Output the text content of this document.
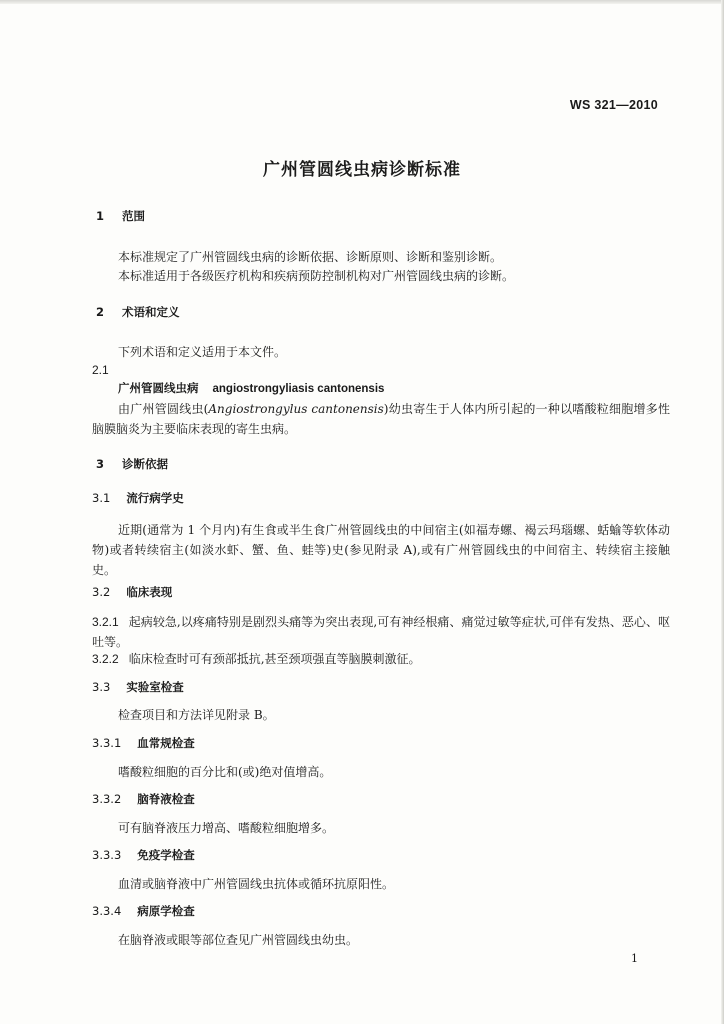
WS 321—2010
广州管圆线虫病诊断标准
1 范围
本标准规定了广州管圆线虫病的诊断依据、诊断原则、诊断和鉴别诊断。
本标准适用于各级医疗机构和疾病预防控制机构对广州管圆线虫病的诊断。
2 术语和定义
下列术语和定义适用于本文件。
2.1
广州管圆线虫病 angiostrongyliasis cantonensis
由广州管圆线虫(Angiostrongylus cantonensis)幼虫寄生于人体内所引起的一种以嗜酸粒细胞增多性脑膜脑炎为主要临床表现的寄生虫病。
3 诊断依据
3.1 流行病学史
近期(通常为 1 个月内)有生食或半生食广州管圆线虫的中间宿主(如福寿螺、褐云玛瑙螺、蛞蝓等软体动物)或者转续宿主(如淡水虾、蟹、鱼、蛙等)史(参见附录 A),或有广州管圆线虫的中间宿主、转续宿主接触史。
3.2 临床表现
3.2.1 起病较急,以疼痛特别是剧烈头痛等为突出表现,可有神经根痛、痛觉过敏等症状,可伴有发热、恶心、呕吐等。
3.2.2 临床检查时可有颈部抵抗,甚至颈项强直等脑膜刺激征。
3.3 实验室检查
检查项目和方法详见附录 B。
3.3.1 血常规检查
嗜酸粒细胞的百分比和(或)绝对值增高。
3.3.2 脑脊液检查
可有脑脊液压力增高、嗜酸粒细胞增多。
3.3.3 免疫学检查
血清或脑脊液中广州管圆线虫抗体或循环抗原阳性。
3.3.4 病原学检查
在脑脊液或眼等部位查见广州管圆线虫幼虫。
1
